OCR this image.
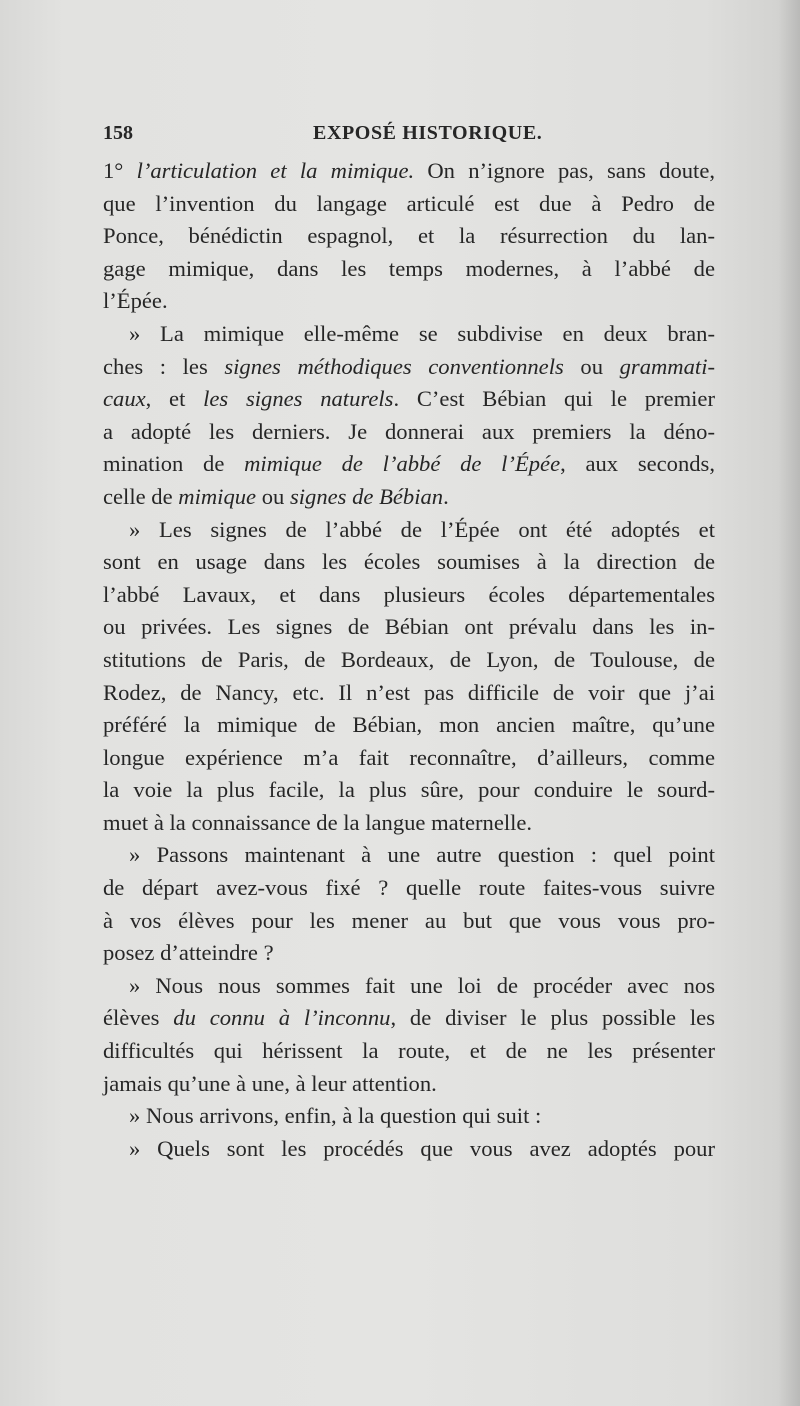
158	EXPOSÉ HISTORIQUE.
1° l’articulation et la mimique. On n’ignore pas, sans doute,
que l’invention du langage articulé est due à Pedro de
Ponce, bénédictin espagnol, et la résurrection du lan-
gage mimique, dans les temps modernes, à l’abbé de
l’Épée.
» La mimique elle-même se subdivise en deux bran-
ches : les signes méthodiques conventionnels ou grammati-
caux, et les signes naturels. C’est Bébian qui le premier
a adopté les derniers. Je donnerai aux premiers la déno-
mination de mimique de l’abbé de l’Épée, aux seconds,
celle de mimique ou signes de Bébian.
» Les signes de l’abbé de l’Épée ont été adoptés et
sont en usage dans les écoles soumises à la direction de
l’abbé Lavaux, et dans plusieurs écoles départementales
ou privées. Les signes de Bébian ont prévalu dans les in-
stitutions de Paris, de Bordeaux, de Lyon, de Toulouse, de
Rodez, de Nancy, etc. Il n’est pas difficile de voir que j’ai
préféré la mimique de Bébian, mon ancien maître, qu’une
longue expérience m’a fait reconnaître, d’ailleurs, comme
la voie la plus facile, la plus sûre, pour conduire le sourd-
muet à la connaissance de la langue maternelle.
» Passons maintenant à une autre question : quel point
de départ avez-vous fixé ? quelle route faites-vous suivre
à vos élèves pour les mener au but que vous vous pro-
posez d’atteindre ?
» Nous nous sommes fait une loi de procéder avec nos
élèves du connu à l’inconnu, de diviser le plus possible les
difficultés qui hérissent la route, et de ne les présenter
jamais qu’une à une, à leur attention.
» Nous arrivons, enfin, à la question qui suit :
» Quels sont les procédés que vous avez adoptés pour
